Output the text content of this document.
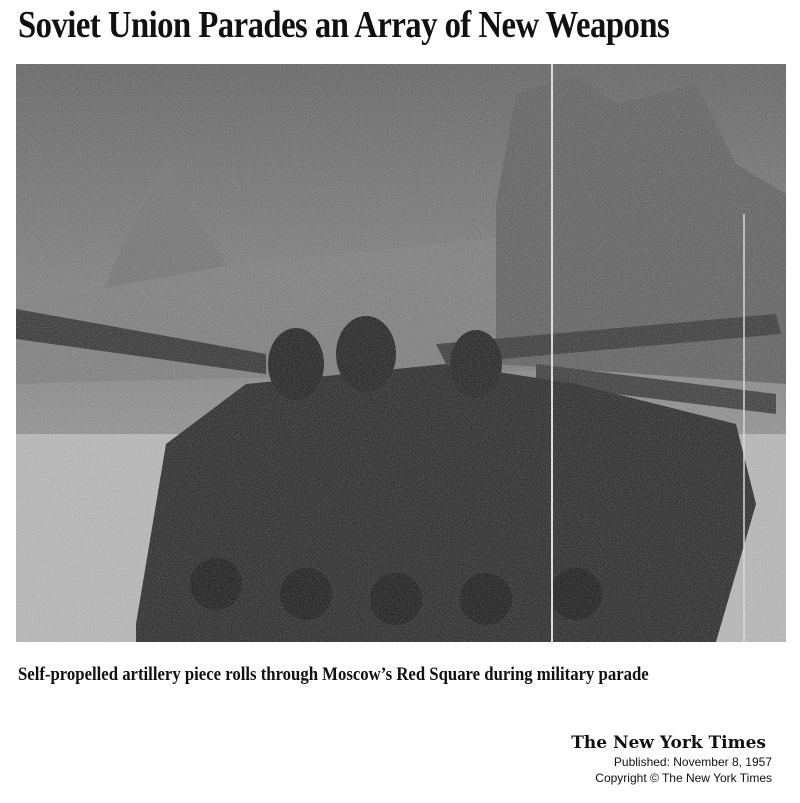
Soviet Union Parades an Array of New Weapons

Self-propelled artillery piece rolls through Moscow’s Red Square during military parade

The New York Times
Published: November 8, 1957
Copyright © The New York Times
